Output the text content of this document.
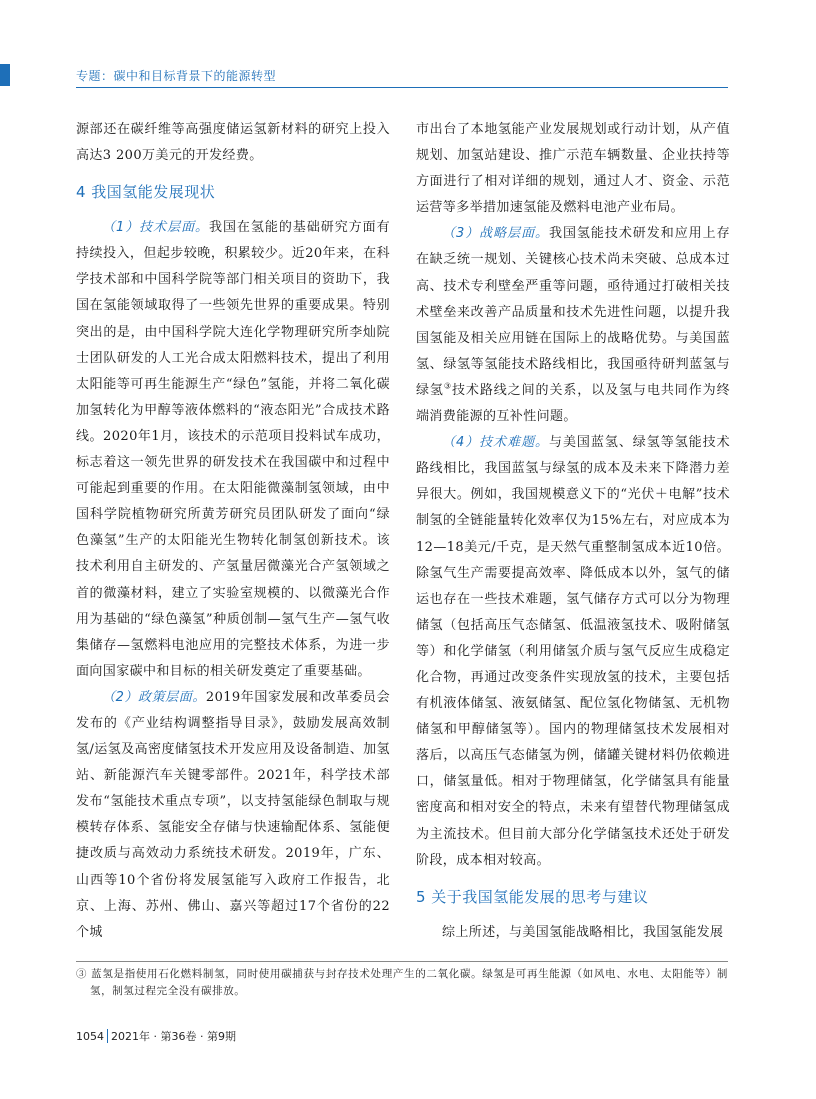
专题：碳中和目标背景下的能源转型

源部还在碳纤维等高强度储运氢新材料的研究上投入高达3 200万美元的开发经费。

4 我国氢能发展现状

（1）技术层面。我国在氢能的基础研究方面有持续投入，但起步较晚，积累较少。近20年来，在科学技术部和中国科学院等部门相关项目的资助下，我国在氢能领域取得了一些领先世界的重要成果。特别突出的是，由中国科学院大连化学物理研究所李灿院士团队研发的人工光合成太阳燃料技术，提出了利用太阳能等可再生能源生产“绿色”氢能，并将二氧化碳加氢转化为甲醇等液体燃料的“液态阳光”合成技术路线。2020年1月，该技术的示范项目投料试车成功，标志着这一领先世界的研发技术在我国碳中和过程中可能起到重要的作用。在太阳能微藻制氢领域，由中国科学院植物研究所黄芳研究员团队研发了面向“绿色藻氢”生产的太阳能光生物转化制氢创新技术。该技术利用自主研发的、产氢量居微藻光合产氢领域之首的微藻材料，建立了实验室规模的、以微藻光合作用为基础的“绿色藻氢”种质创制—氢气生产—氢气收集储存—氢燃料电池应用的完整技术体系，为进一步面向国家碳中和目标的相关研发奠定了重要基础。

（2）政策层面。2019年国家发展和改革委员会发布的《产业结构调整指导目录》，鼓励发展高效制氢/运氢及高密度储氢技术开发应用及设备制造、加氢站、新能源汽车关键零部件。2021年，科学技术部发布“氢能技术重点专项”，以支持氢能绿色制取与规模转存体系、氢能安全存储与快速输配体系、氢能便捷改质与高效动力系统技术研发。2019年，广东、山西等10个省份将发展氢能写入政府工作报告，北京、上海、苏州、佛山、嘉兴等超过17个省份的22个城

市出台了本地氢能产业发展规划或行动计划，从产值规划、加氢站建设、推广示范车辆数量、企业扶持等方面进行了相对详细的规划，通过人才、资金、示范运营等多举措加速氢能及燃料电池产业布局。

（3）战略层面。我国氢能技术研发和应用上存在缺乏统一规划、关键核心技术尚未突破、总成本过高、技术专利壁垒严重等问题，亟待通过打破相关技术壁垒来改善产品质量和技术先进性问题，以提升我国氢能及相关应用链在国际上的战略优势。与美国蓝氢、绿氢等氢能技术路线相比，我国亟待研判蓝氢与绿氢③技术路线之间的关系，以及氢与电共同作为终端消费能源的互补性问题。

（4）技术难题。与美国蓝氢、绿氢等氢能技术路线相比，我国蓝氢与绿氢的成本及未来下降潜力差异很大。例如，我国规模意义下的“光伏＋电解”技术制氢的全链能量转化效率仅为15%左右，对应成本为12—18美元/千克，是天然气重整制氢成本近10倍。除氢气生产需要提高效率、降低成本以外，氢气的储运也存在一些技术难题，氢气储存方式可以分为物理储氢（包括高压气态储氢、低温液氢技术、吸附储氢等）和化学储氢（利用储氢介质与氢气反应生成稳定化合物，再通过改变条件实现放氢的技术，主要包括有机液体储氢、液氨储氢、配位氢化物储氢、无机物储氢和甲醇储氢等）。国内的物理储氢技术发展相对落后，以高压气态储氢为例，储罐关键材料仍依赖进口，储氢量低。相对于物理储氢，化学储氢具有能量密度高和相对安全的特点，未来有望替代物理储氢成为主流技术。但目前大部分化学储氢技术还处于研发阶段，成本相对较高。

5 关于我国氢能发展的思考与建议

综上所述，与美国氢能战略相比，我国氢能发展

③ 蓝氢是指使用石化燃料制氢，同时使用碳捕获与封存技术处理产生的二氧化碳。绿氢是可再生能源（如风电、水电、太阳能等）制氢，制氢过程完全没有碳排放。
1054 2021年 · 第36卷 · 第9期
